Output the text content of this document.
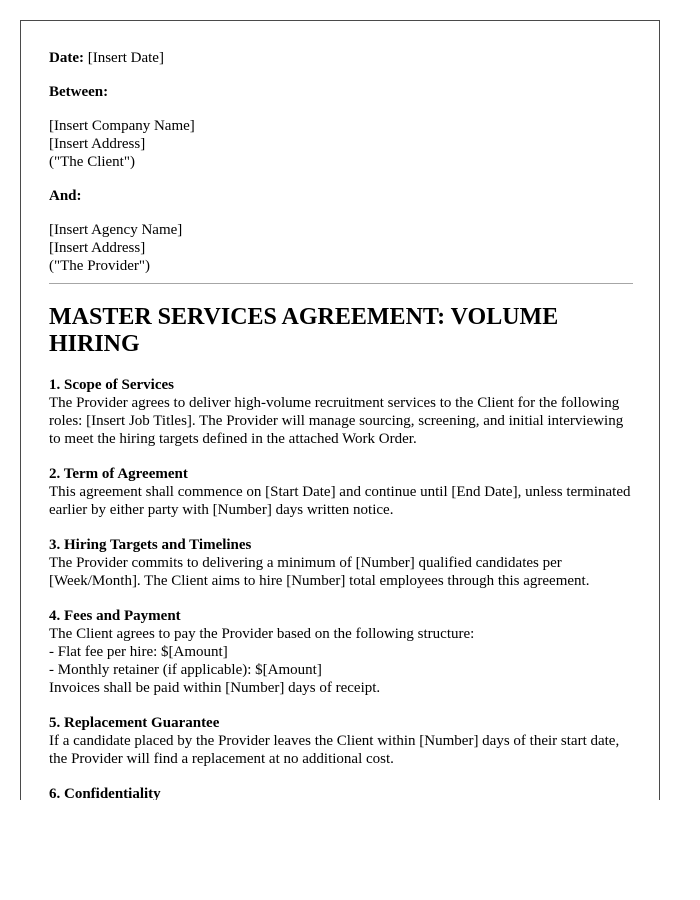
Date: [Insert Date]

Between:

[Insert Company Name]

[Insert Address]

("The Client")

And:

[Insert Agency Name]

[Insert Address]

("The Provider")

MASTER SERVICES AGREEMENT: VOLUME HIRING

1. Scope of Services

The Provider agrees to deliver high-volume recruitment services to the Client for the following roles: [Insert Job Titles]. The Provider will manage sourcing, screening, and initial interviewing to meet the hiring targets defined in the attached Work Order.

2. Term of Agreement

This agreement shall commence on [Start Date] and continue until [End Date], unless terminated earlier by either party with [Number] days written notice.

3. Hiring Targets and Timelines

The Provider commits to delivering a minimum of [Number] qualified candidates per [Week/Month]. The Client aims to hire [Number] total employees through this agreement.

4. Fees and Payment

The Client agrees to pay the Provider based on the following structure:

- Flat fee per hire: $[Amount]

- Monthly retainer (if applicable): $[Amount]

Invoices shall be paid within [Number] days of receipt.

5. Replacement Guarantee

If a candidate placed by the Provider leaves the Client within [Number] days of their start date, the Provider will find a replacement at no additional cost.

6. Confidentiality
